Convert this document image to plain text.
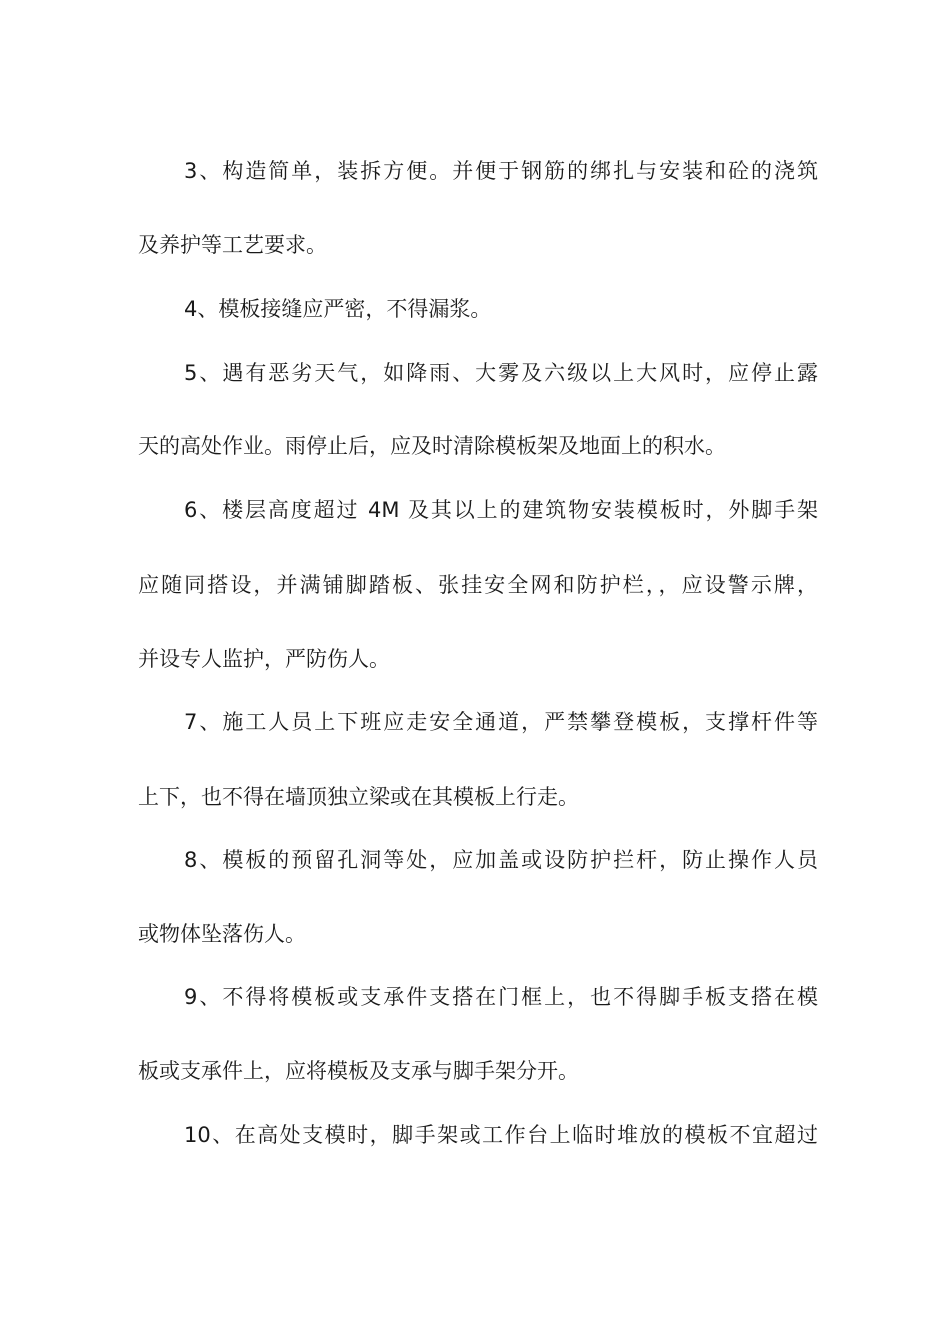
3、构造简单，装拆方便。并便于钢筋的绑扎与安装和砼的浇筑
及养护等工艺要求。
4、模板接缝应严密，不得漏浆。
5、遇有恶劣天气，如降雨、大雾及六级以上大风时，应停止露
天的高处作业。雨停止后，应及时清除模板架及地面上的积水。
6、楼层高度超过 4M 及其以上的建筑物安装模板时，外脚手架
应随同搭设，并满铺脚踏板、张挂安全网和防护栏，，应设警示牌，
并设专人监护，严防伤人。
7、施工人员上下班应走安全通道，严禁攀登模板，支撑杆件等
上下，也不得在墙顶独立梁或在其模板上行走。
8、模板的预留孔洞等处，应加盖或设防护拦杆，防止操作人员
或物体坠落伤人。
9、不得将模板或支承件支搭在门框上，也不得脚手板支搭在模
板或支承件上，应将模板及支承与脚手架分开。
10、在高处支模时，脚手架或工作台上临时堆放的模板不宜超过
